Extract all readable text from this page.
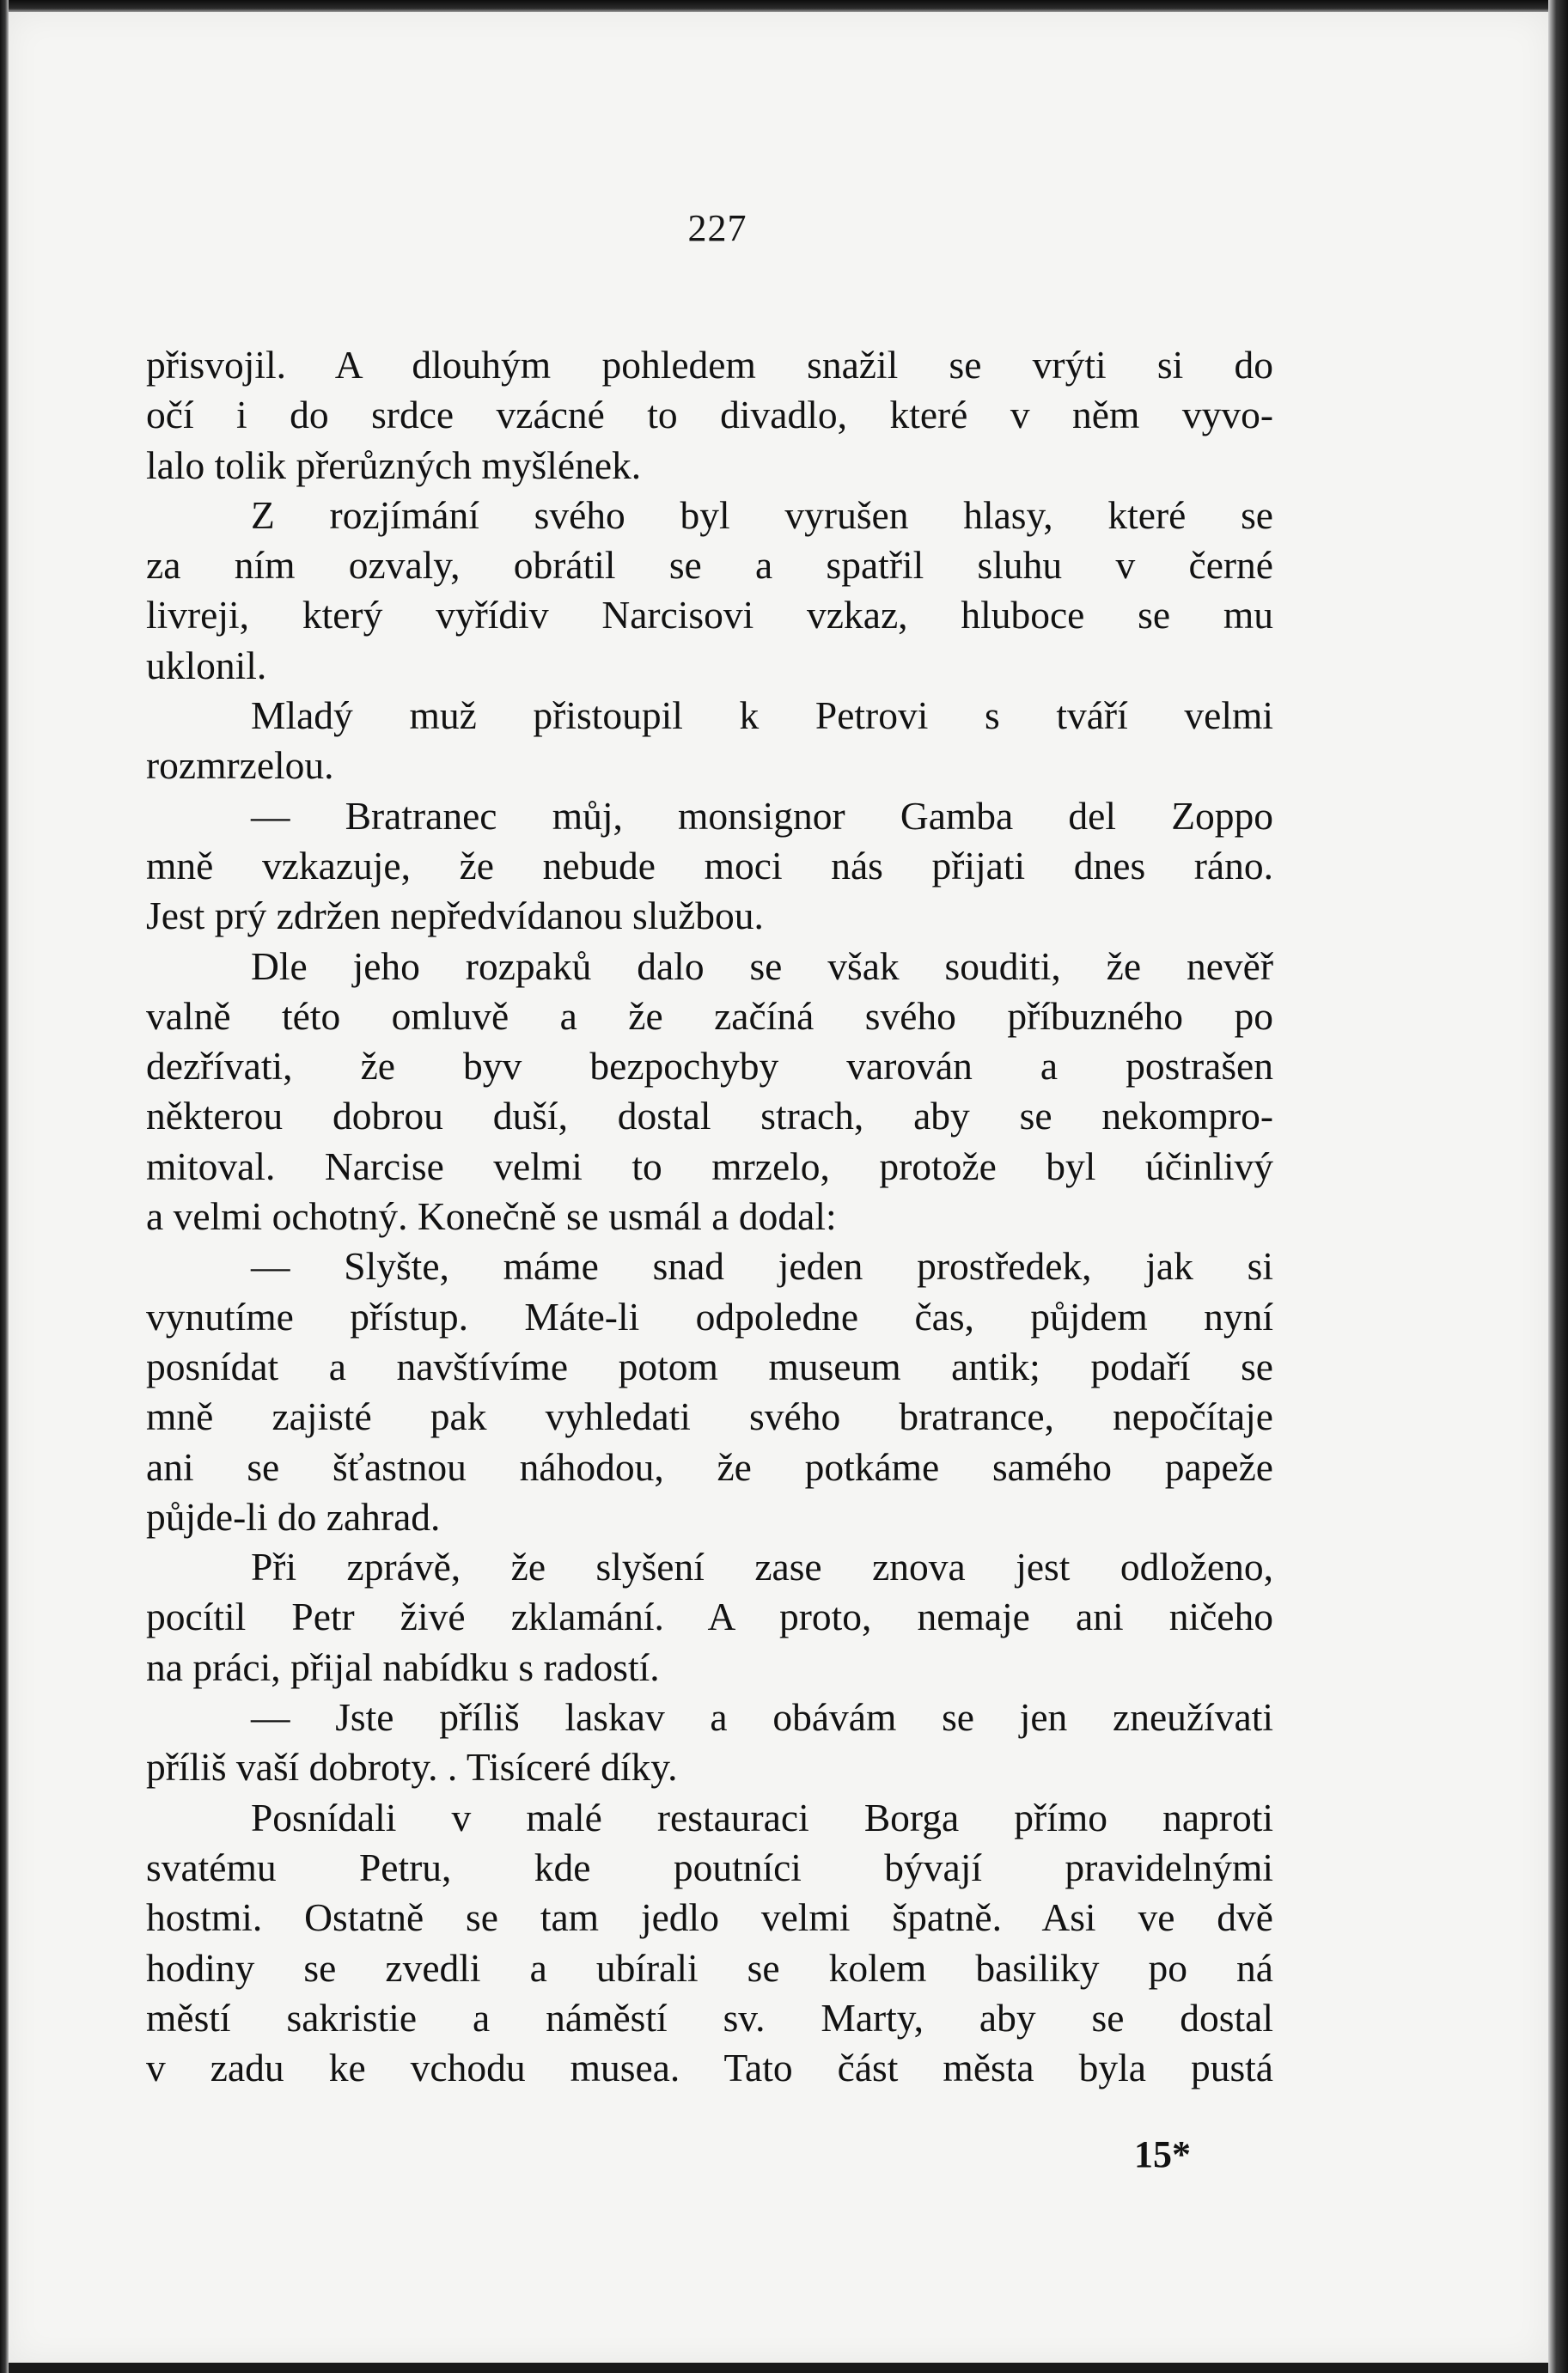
227
přisvojil. A dlouhým pohledem snažil se vrýti si do
očí i do srdce vzácné to divadlo, které v něm vyvo-
lalo tolik přerůzných myšlének.
Z rozjímání svého byl vyrušen hlasy, které se
za ním ozvaly, obrátil se a spatřil sluhu v černé
livreji, který vyřídiv Narcisovi vzkaz, hluboce se mu
uklonil.
Mladý muž přistoupil k Petrovi s tváří velmi
rozmrzelou.
— Bratranec můj, monsignor Gamba del Zoppo
mně vzkazuje, že nebude moci nás přijati dnes ráno.
Jest prý zdržen nepředvídanou službou.
Dle jeho rozpaků dalo se však souditi, že nevěř
valně této omluvě a že začíná svého příbuzného po
dezřívati, že byv bezpochyby varován a postrašen
některou dobrou duší, dostal strach, aby se nekompro-
mitoval. Narcise velmi to mrzelo, protože byl účinlivý
a velmi ochotný. Konečně se usmál a dodal:
— Slyšte, máme snad jeden prostředek, jak si
vynutíme přístup. Máte-li odpoledne čas, půjdem nyní
posnídat a navštívíme potom museum antik; podaří se
mně zajisté pak vyhledati svého bratrance, nepočítaje
ani se šťastnou náhodou, že potkáme samého papeže
půjde-li do zahrad.
Při zprávě, že slyšení zase znova jest odloženo,
pocítil Petr živé zklamání. A proto, nemaje ani ničeho
na práci, přijal nabídku s radostí.
— Jste příliš laskav a obávám se jen zneužívati
příliš vaší dobroty. . Tisíceré díky.
Posnídali v malé restauraci Borga přímo naproti
svatému Petru, kde poutníci bývají pravidelnými
hostmi. Ostatně se tam jedlo velmi špatně. Asi ve dvě
hodiny se zvedli a ubírali se kolem basiliky po ná
městí sakristie a náměstí sv. Marty, aby se dostal
v zadu ke vchodu musea. Tato část města byla pustá
15*
